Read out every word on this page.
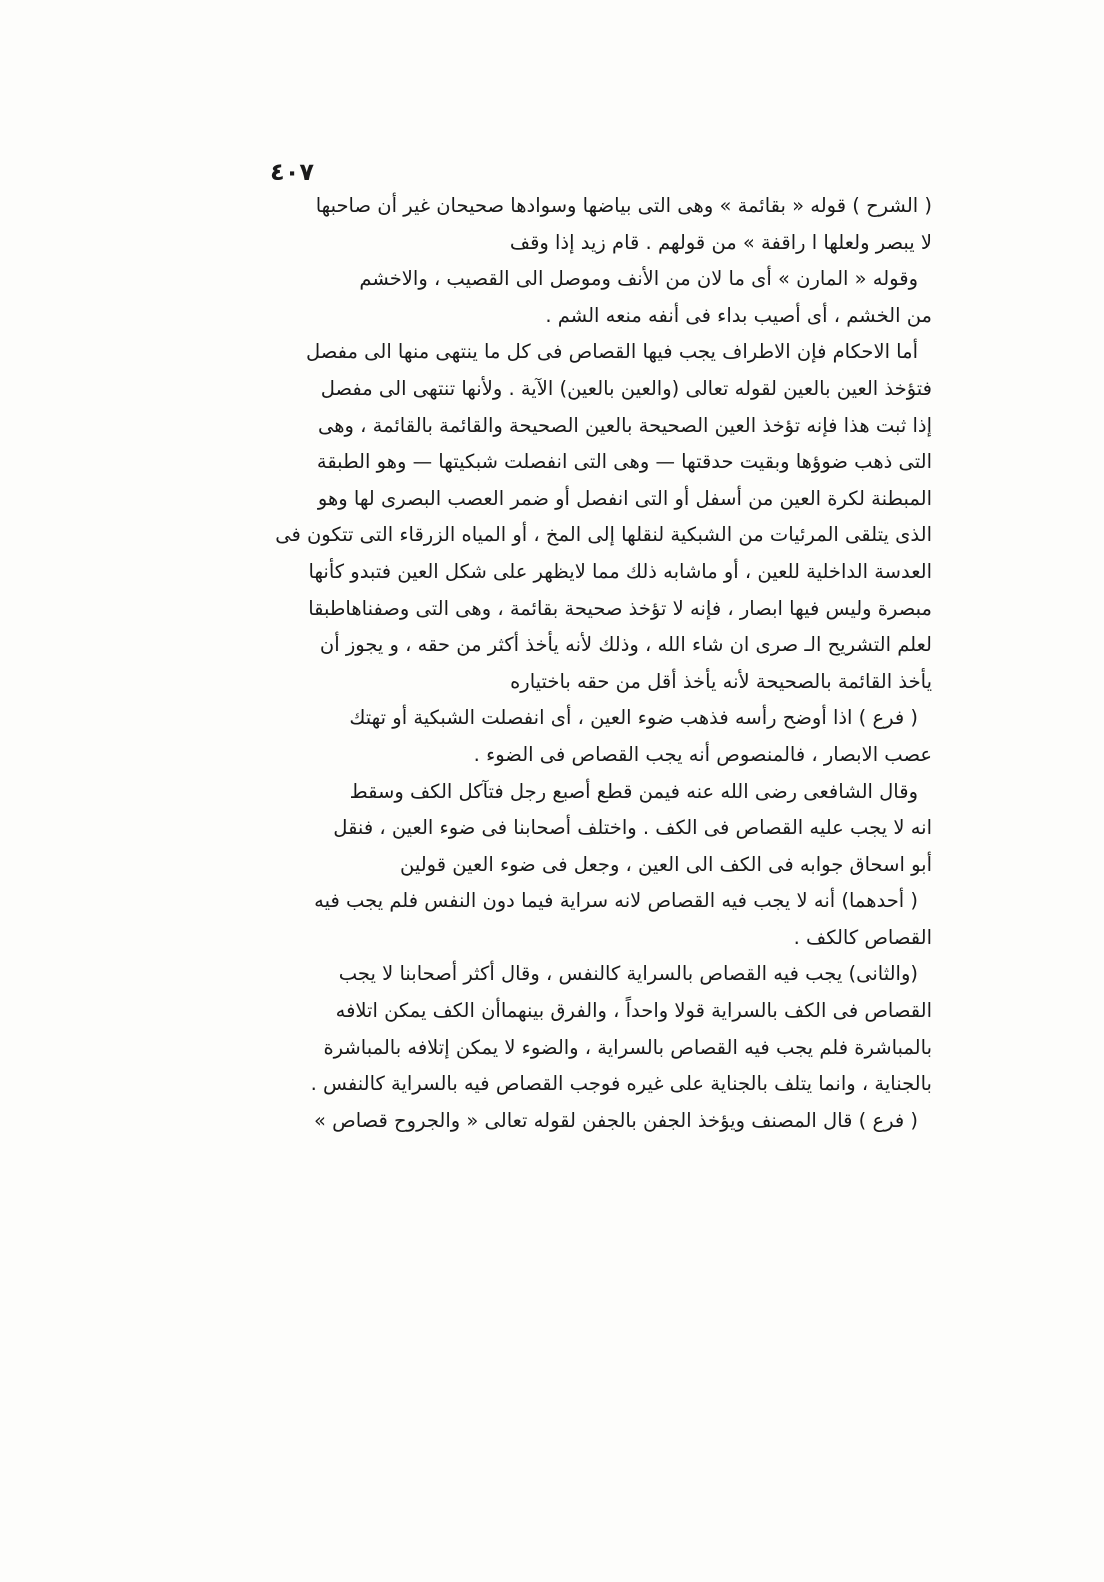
٤٠٧

( الشرح ) قوله « بقائمة » وهى التى بياضها وسوادها صحيحان غير أن صاحبها
لا يبصر ولعلها ا راقفة » من قولهم . قام زيد إذا وقف

وقوله « المارن » أى ما لان من الأنف وموصل الى القصيب ، والاخشم
من الخشم ، أى أصيب بداء فى أنفه منعه الشم .

أما الاحكام فإن الاطراف يجب فيها القصاص فى كل ما ينتهى منها الى مفصل
فتؤخذ العين بالعين لقوله تعالى (والعين بالعين) الآية . ولأنها تنتهى الى مفصل
إذا ثبت هذا فإنه تؤخذ العين الصحيحة بالعين الصحيحة والقائمة بالقائمة ، وهى
التى ذهب ضوؤها وبقيت حدقتها — وهى التى انفصلت شبكيتها — وهو الطبقة
المبطنة لكرة العين من أسفل أو التى انفصل أو ضمر العصب البصرى لها وهو
الذى يتلقى المرئيات من الشبكية لنقلها إلى المخ ، أو المياه الزرقاء التى تتكون فى
العدسة الداخلية للعين ، أو ماشابه ذلك مما لايظهر على شكل العين فتبدو كأنها
مبصرة وليس فيها ابصار ، فإنه لا تؤخذ صحيحة بقائمة ، وهى التى وصفناهاطبقا
لعلم التشريح الـ صرى ان شاء الله ، وذلك لأنه يأخذ أكثر من حقه ، و يجوز أن
يأخذ القائمة بالصحيحة لأنه يأخذ أقل من حقه باختياره

( فرع ) اذا أوضح رأسه فذهب ضوء العين ، أى انفصلت الشبكية أو تهتك
عصب الابصار ، فالمنصوص أنه يجب القصاص فى الضوء .

وقال الشافعى رضى الله عنه فيمن قطع أصبع رجل فتآكل الكف وسقط
انه لا يجب عليه القصاص فى الكف . واختلف أصحابنا فى ضوء العين ، فنقل
أبو اسحاق جوابه فى الكف الى العين ، وجعل فى ضوء العين قولين

( أحدهما) أنه لا يجب فيه القصاص لانه سراية فيما دون النفس فلم يجب فيه
القصاص كالكف .

(والثانى) يجب فيه القصاص بالسراية كالنفس ، وقال أكثر أصحابنا لا يجب
القصاص فى الكف بالسراية قولا واحداً ، والفرق بينهماأن الكف يمكن اتلافه
بالمباشرة فلم يجب فيه القصاص بالسراية ، والضوء لا يمكن إتلافه بالمباشرة
بالجناية ، وانما يتلف بالجناية على غيره فوجب القصاص فيه بالسراية كالنفس .

( فرع ) قال المصنف ويؤخذ الجفن بالجفن لقوله تعالى « والجروح قصاص »
